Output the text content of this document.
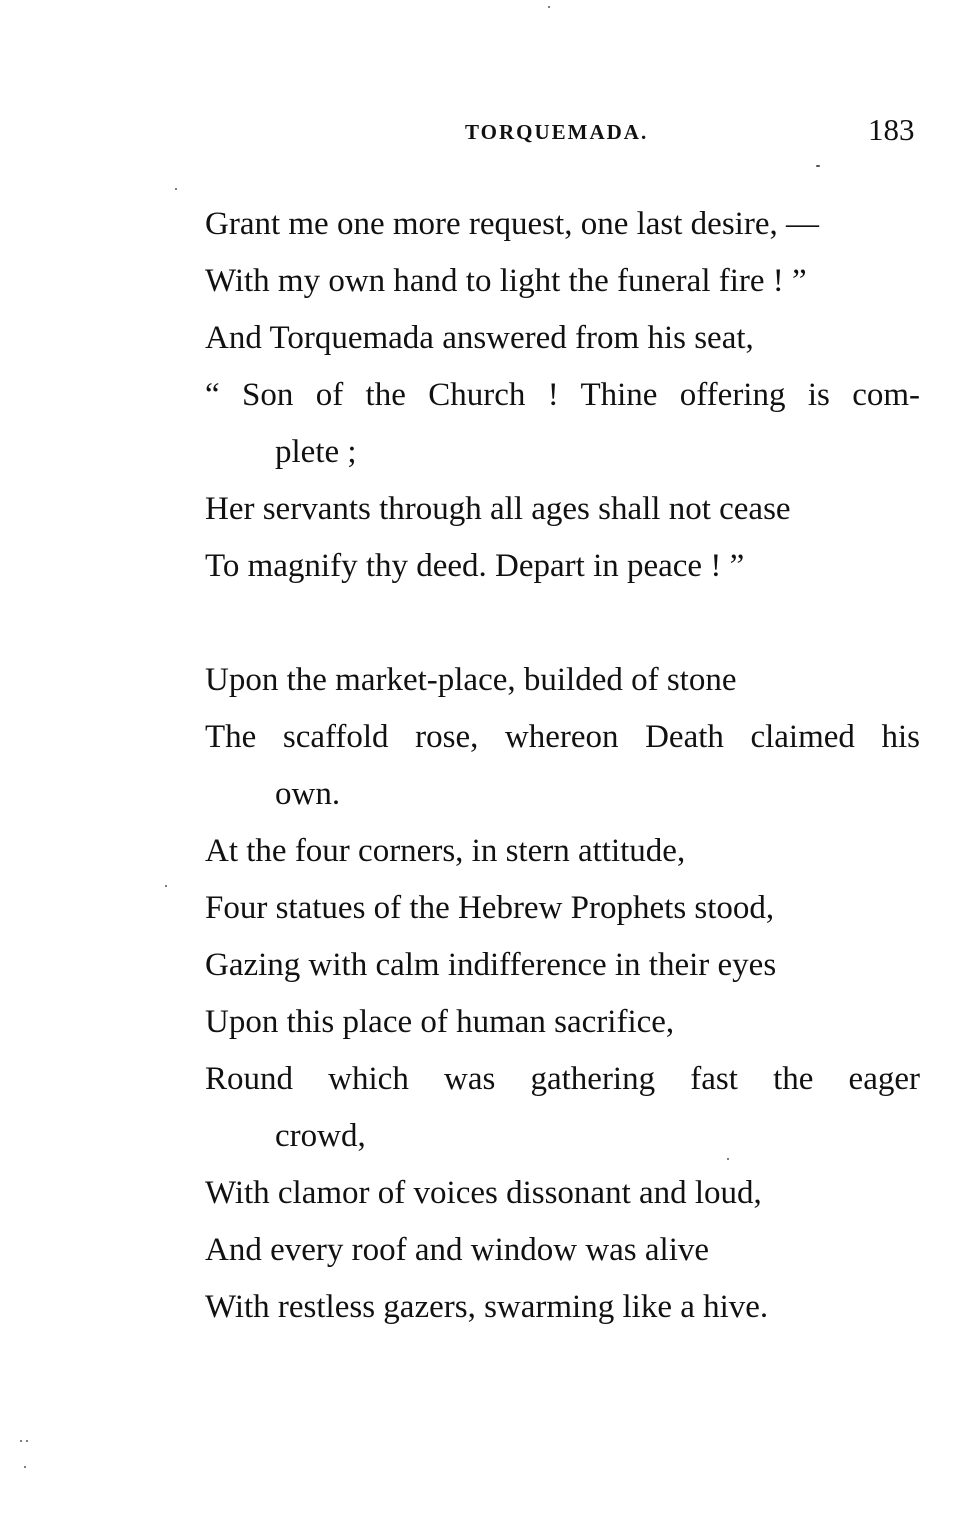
TORQUEMADA.	183
Grant me one more request, one last desire, —
With my own hand to light the funeral fire ! ”
And Torquemada answered from his seat,
“ Son of the Church ! Thine offering is com-
plete ;
Her servants through all ages shall not cease
To magnify thy deed. Depart in peace ! ”
Upon the market-place, builded of stone
The scaffold rose, whereon Death claimed his
own.
At the four corners, in stern attitude,
Four statues of the Hebrew Prophets stood,
Gazing with calm indifference in their eyes
Upon this place of human sacrifice,
Round which was gathering fast the eager
crowd,
With clamor of voices dissonant and loud,
And every roof and window was alive
With restless gazers, swarming like a hive.
